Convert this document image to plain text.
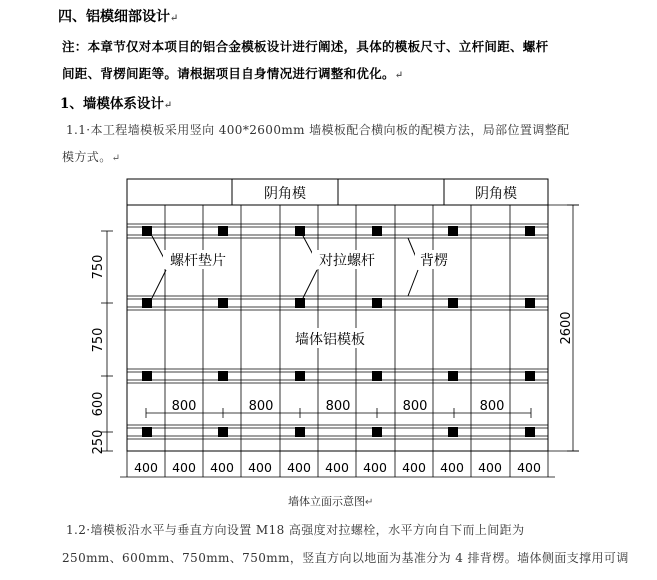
四、铝模细部设计↵
注：本章节仅对本项目的铝合金模板设计进行阐述，具体的模板尺寸、立杆间距、螺杆
间距、背楞间距等。请根据项目自身情况进行调整和优化。↵
1、墙模体系设计↵
1.1·本工程墙模板采用竖向 400*2600mm 墙模板配合横向板的配模方法，局部位置调整配
模方式。↵
阴角模	阴角模
螺杆垫片	对拉螺杆	背楞
墙体铝模板
800	800	800	800	800
750
750
600
250
2600
400 400 400 400 400 400 400 400 400 400 400
墙体立面示意图↵
1.2·墙模板沿水平与垂直方向设置 M18 高强度对拉螺栓，水平方向自下而上间距为
250mm、600mm、750mm、750mm，竖直方向以地面为基准分为 4 排背楞。墙体侧面支撑用可调
